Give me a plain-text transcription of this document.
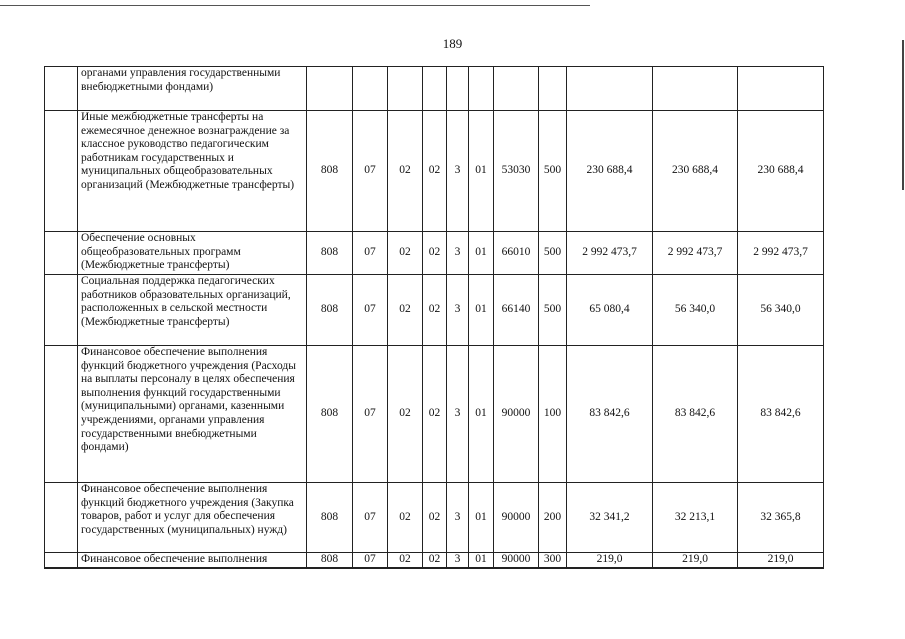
189
	органами управления государственными внебюджетными фондами)											
	Иные межбюджетные трансферты на ежемесячное денежное вознаграждение за классное руководство педагогическим работникам государственных и муниципальных общеобразовательных организаций (Межбюджетные трансферты)	808	07	02	02	3	01	53030	500	230 688,4	230 688,4	230 688,4
	Обеспечение основных общеобразовательных программ (Межбюджетные трансферты)	808	07	02	02	3	01	66010	500	2 992 473,7	2 992 473,7	2 992 473,7
	Социальная поддержка педагогических работников образовательных организаций, расположенных в сельской местности (Межбюджетные трансферты)	808	07	02	02	3	01	66140	500	65 080,4	56 340,0	56 340,0
	Финансовое обеспечение выполнения функций бюджетного учреждения (Расходы на выплаты персоналу в целях обеспечения выполнения функций государственными (муниципальными) органами, казенными учреждениями, органами управления государственными внебюджетными фондами)	808	07	02	02	3	01	90000	100	83 842,6	83 842,6	83 842,6
	Финансовое обеспечение выполнения функций бюджетного учреждения (Закупка товаров, работ и услуг для обеспечения государственных (муниципальных) нужд)	808	07	02	02	3	01	90000	200	32 341,2	32 213,1	32 365,8
	Финансовое обеспечение выполнения	808	07	02	02	3	01	90000	300	219,0	219,0	219,0
